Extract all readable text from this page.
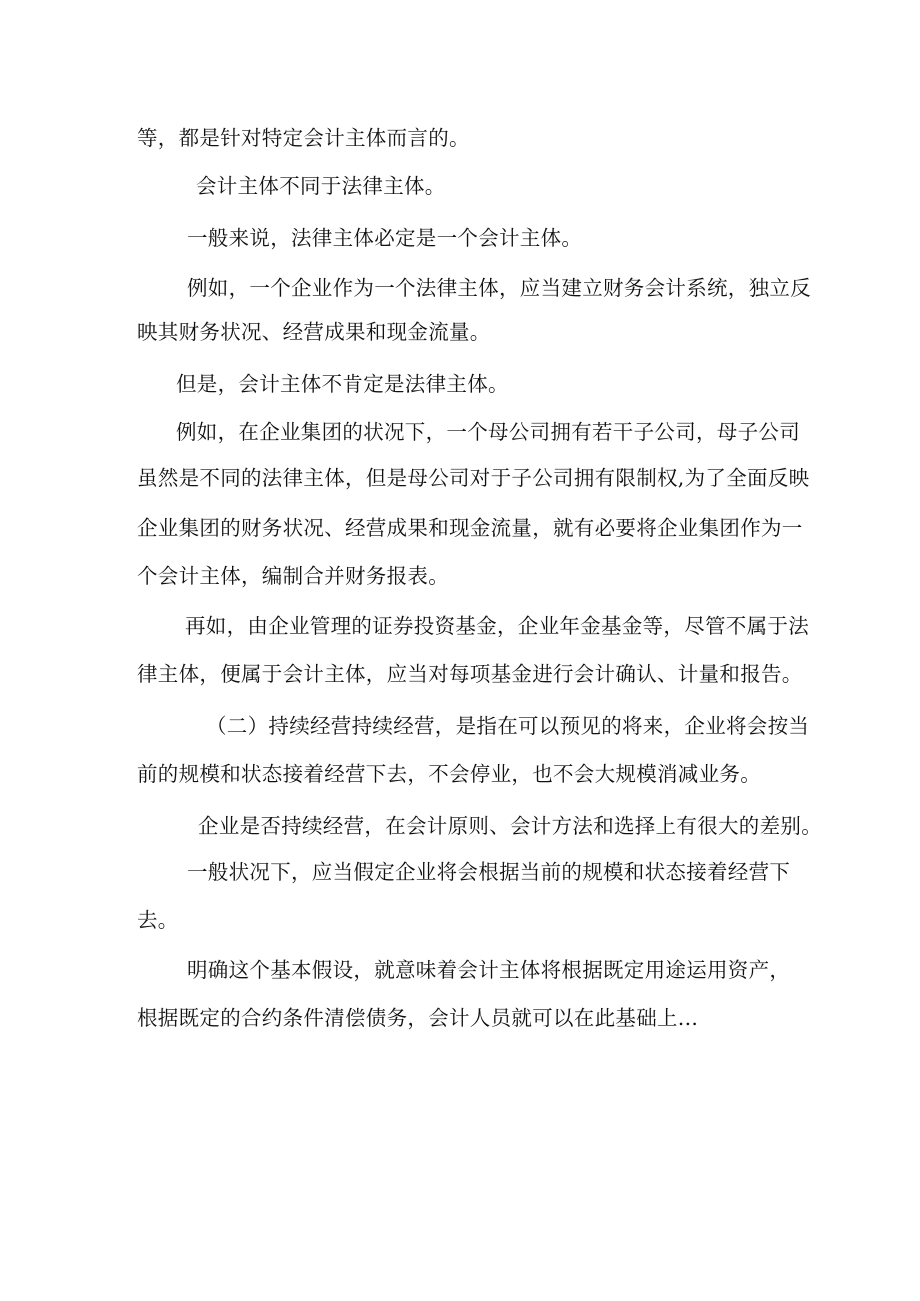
等，都是针对特定会计主体而言的。
会计主体不同于法律主体。
一般来说，法律主体必定是一个会计主体。
例如，一个企业作为一个法律主体，应当建立财务会计系统，独立反
映其财务状况、经营成果和现金流量。
但是，会计主体不肯定是法律主体。
例如，在企业集团的状况下，一个母公司拥有若干子公司，母子公司
虽然是不同的法律主体，但是母公司对于子公司拥有限制权,为了全面反映
企业集团的财务状况、经营成果和现金流量，就有必要将企业集团作为一
个会计主体，编制合并财务报表。
再如，由企业管理的证券投资基金，企业年金基金等，尽管不属于法
律主体，便属于会计主体，应当对每项基金进行会计确认、计量和报告。
（二）持续经营持续经营，是指在可以预见的将来，企业将会按当
前的规模和状态接着经营下去，不会停业，也不会大规模消减业务。
企业是否持续经营，在会计原则、会计方法和选择上有很大的差别。
一般状况下，应当假定企业将会根据当前的规模和状态接着经营下
去。
明确这个基本假设，就意味着会计主体将根据既定用途运用资产，
根据既定的合约条件清偿债务，会计人员就可以在此基础上...
